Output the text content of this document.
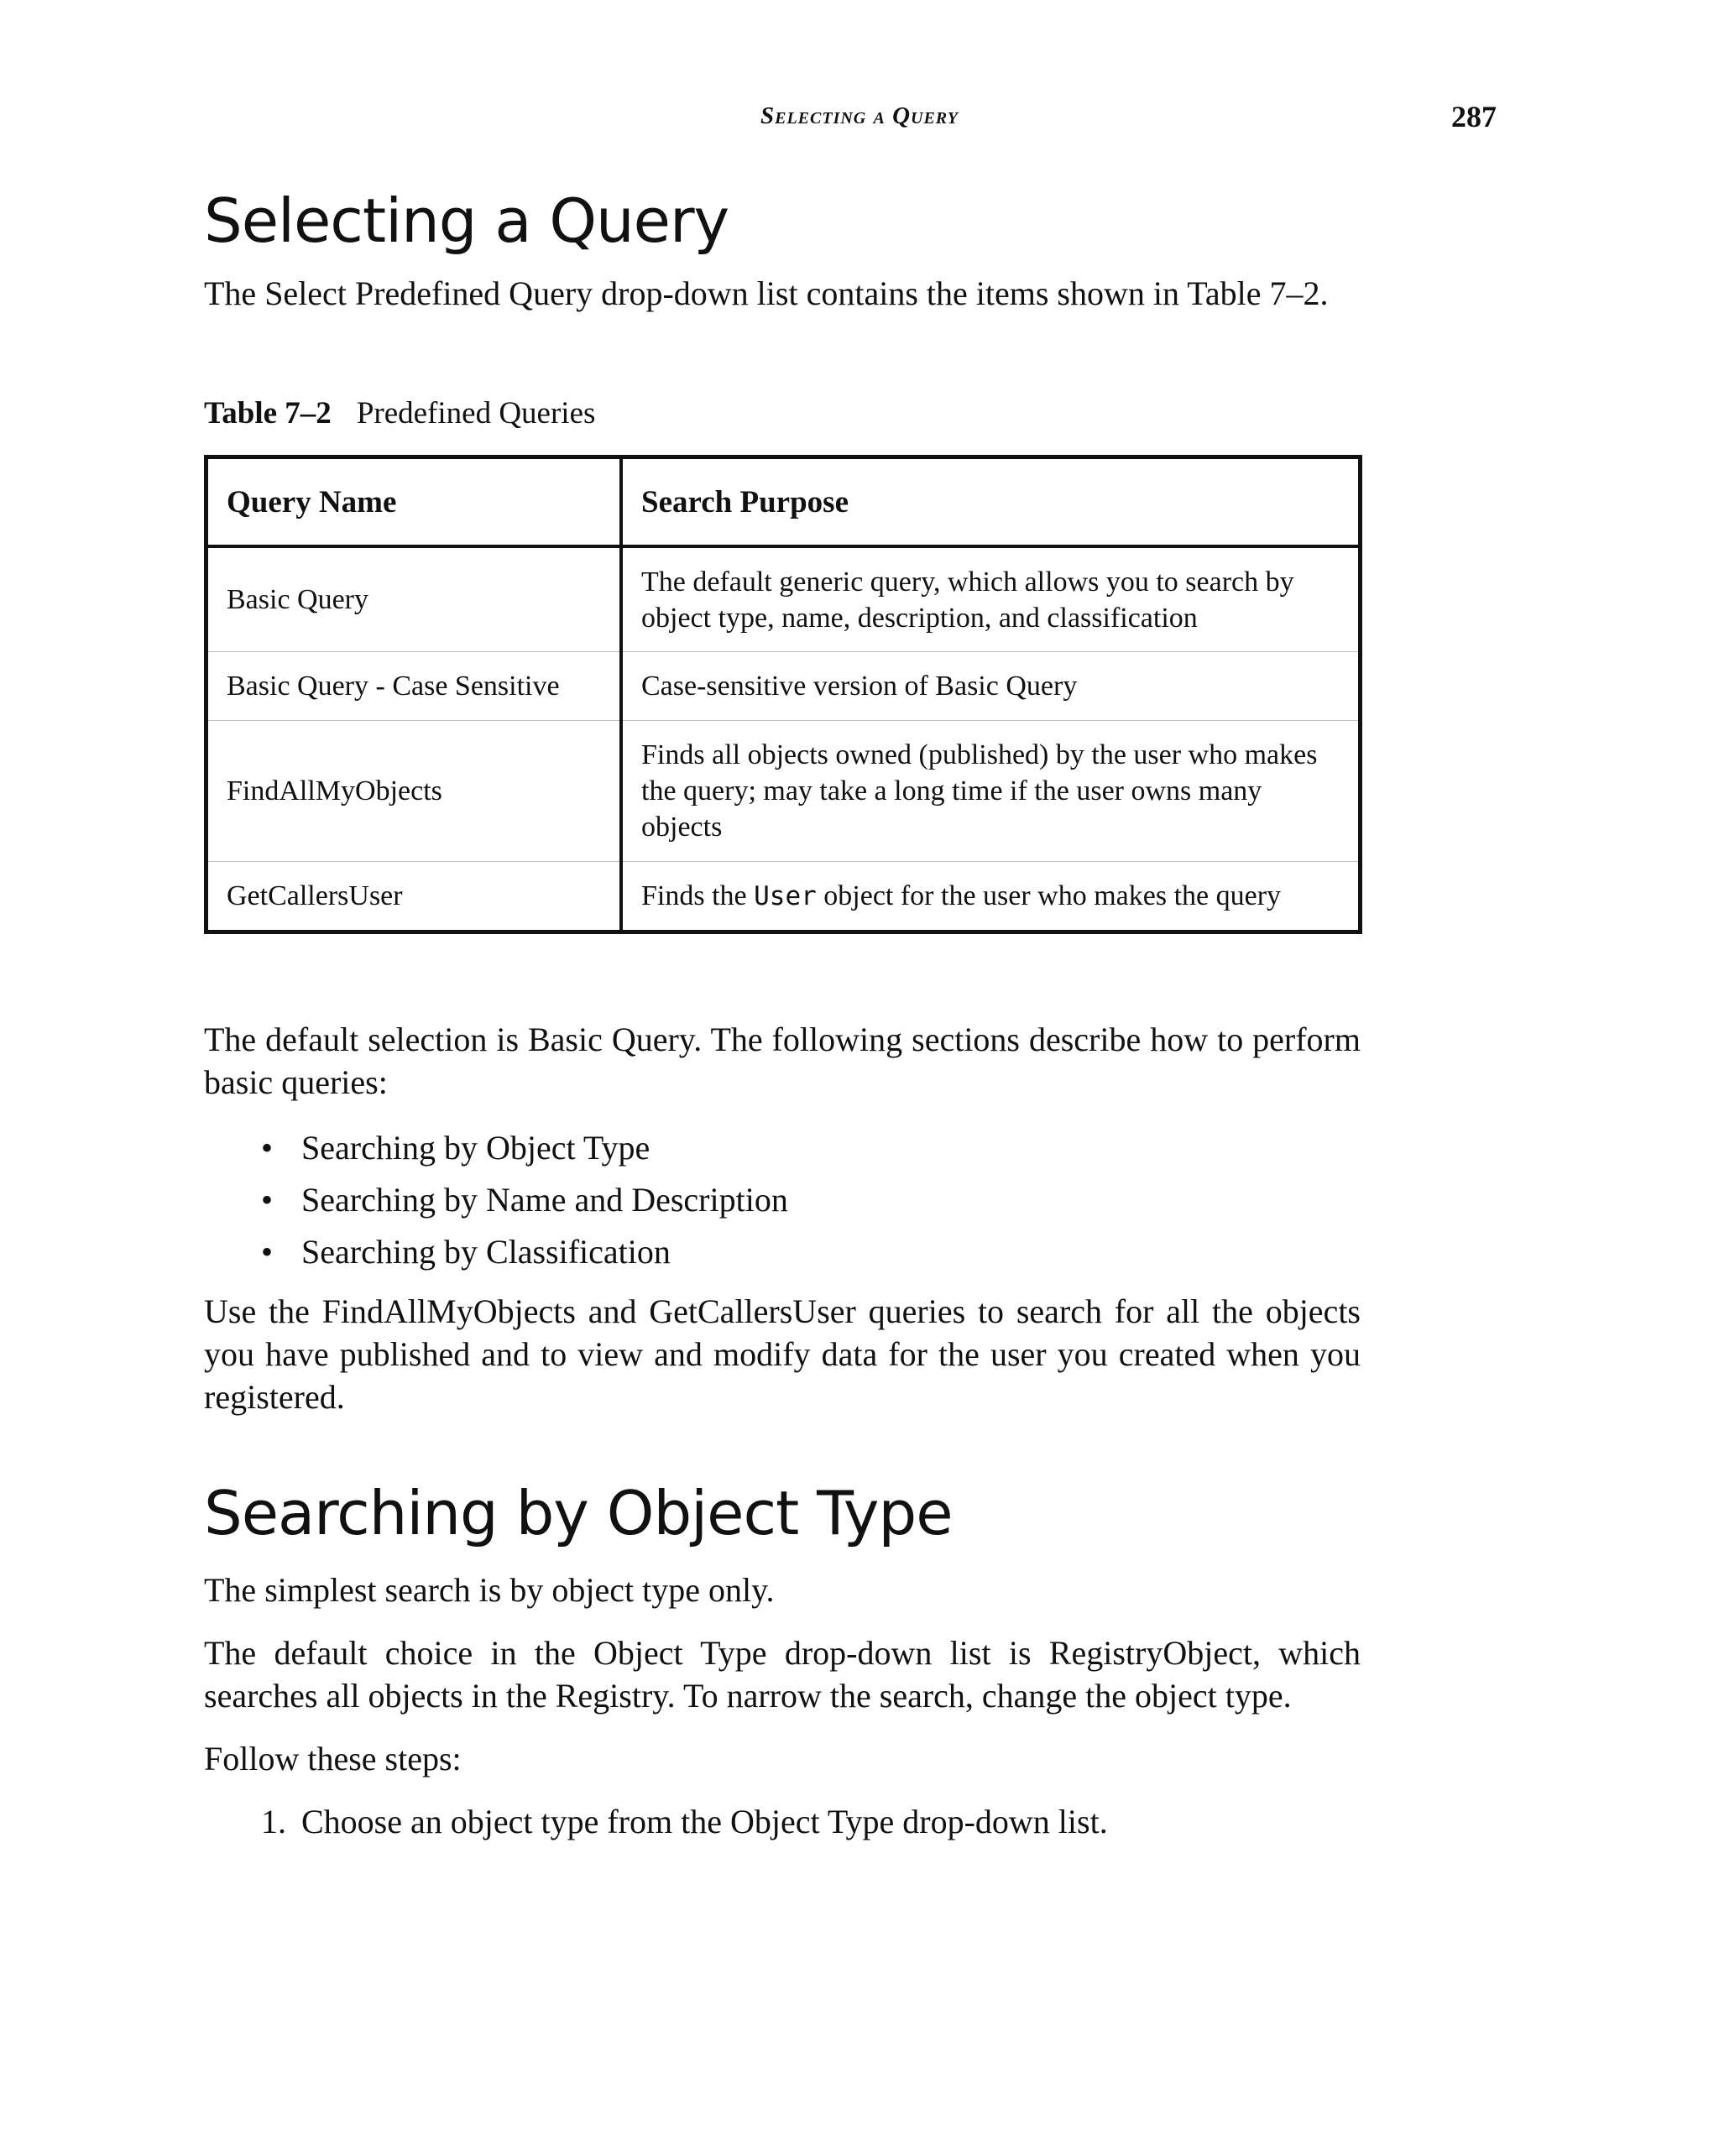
Selecting a Query	287
Selecting a Query

The Select Predefined Query drop-down list contains the items shown in Table 7–2.

Table 7–2 Predefined Queries
Query Name	Search Purpose
Basic Query	The default generic query, which allows you to search by object type, name, description, and classification
Basic Query - Case Sensitive	Case-sensitive version of Basic Query
FindAllMyObjects	Finds all objects owned (published) by the user who makes the query; may take a long time if the user owns many objects
GetCallersUser	Finds the User object for the user who makes the query

The default selection is Basic Query. The following sections describe how to perform basic queries:

• Searching by Object Type
• Searching by Name and Description
• Searching by Classification

Use the FindAllMyObjects and GetCallersUser queries to search for all the objects you have published and to view and modify data for the user you created when you registered.

Searching by Object Type

The simplest search is by object type only.

The default choice in the Object Type drop-down list is RegistryObject, which searches all objects in the Registry. To narrow the search, change the object type.

Follow these steps:

1. Choose an object type from the Object Type drop-down list.
